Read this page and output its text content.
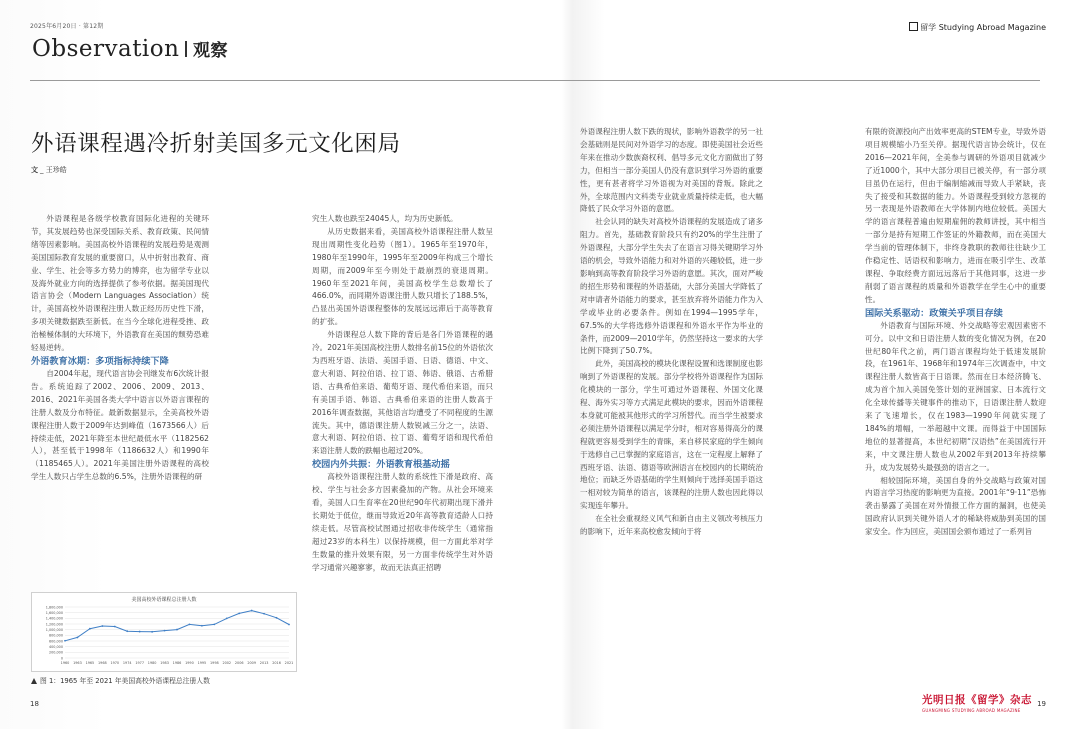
2025年6月20日 · 第12期	留学 Studying Abroad Magazine
Observation 观察
外语课程遇冷折射美国多元文化困局
文 _ 王珍皓

外语课程是各级学校教育国际化进程的关键环节，其发展趋势也深受国际关系、教育政策、民间情绪等因素影响。美国高校外语课程的发展趋势是观测美国国际教育发展的重要窗口，从中折射出教育、商业、学生、社会等多方势力的博弈，也为留学专业以及海外就业方向的选择提供了参考依据。据美国现代语言协会（Modern Languages Association）统计，美国高校外语课程注册人数正经历历史性下滑，多项关键数据跌至新低。在当今全球化进程受挫、政治極極体制的大环境下，外语教育在美国的颓势恐难轻易逆转。

外语教育冰期：多项指标持续下降

自2004年起，现代语言协会刊继发布6次统计报告。系统追踪了2002、2006、2009、2013、2016、2021年美国各类大学中语言以外语言课程的注册人数及分布特征。最新数据显示，全美高校外语课程注册人数于2009年达到峰值（1673566人）后持续走低，2021年降至本世纪最低水平（1182562人），甚至低于1998年（1186632人）和1990年（1185465人）。2021年美国注册外语课程的高校学生人数只占学生总数的6.5%，注册外语课程的研

究生人数也跌至24045人，均为历史新低。

从历史数据来看，美国高校外语课程注册人数呈现出周期性变化趋势（图1）。1965年至1970年，1980年至1990年，1995年至2009年构成三个增长周期，而2009年至今则处于最崩烈的衰退周期。1960年至2021年间，美国高校学生总数增长了466.0%，而同期外语课注册人数只增长了188.5%，凸显出美国外语课程整体的发展远远滞后于高等教育的扩张。

外语课程总人数下降的背后是各门外语课程的遇冷。2021年美国高校注册人数排名前15位的外语依次为西班牙语、法语、美国手语、日语、德语、中文、意大利语、阿拉伯语、拉丁语、韩语、俄语、古希腊语、古典希伯来语、葡萄牙语、现代希伯来语，而只有美国手语、韩语、古典希伯来语的注册人数高于2016年调查数据，其他语言均遭受了不同程度的生源流失。其中，德语课注册人数锐减三分之一，法语、意大利语、阿拉伯语、拉丁语、葡萄牙语和现代希伯来语注册人数的跌幅也超过20%。

校园内外共振：外语教育根基动摇

高校外语课程注册人数的系统性下滑是政府、高校、学生与社会多方因素叠加的产物。从社会环境来看，美国人口生育率在20世纪90年代初期出现下滑并长期处于低位，继而导致近20年高等教育适龄人口持续走低。尽管高校试图通过招收非传统学生（通常指超过23岁的本科生）以保持规模，但一方面此举对学生数量的推升效果有限，另一方面非传统学生对外语学习通常兴趣寥寥，故而无法真正招聘

外语课程注册人数下跌的现状，影响外语教学的另一社会基础则是民间对外语学习的态度。即使美国社会近些年来在推动少数族裔权利、倡导多元文化方面做出了努力，但相当一部分美国人仍没有意识到学习外语的重要性，更有甚者将学习外语视为对美国的背叛。除此之外，全球范围内文科类专业就业质量持续走低，也大幅降低了民众学习外语的意愿。

社会认同的缺失对高校外语课程的发展造成了诸多阻力。首先，基础教育阶段只有约20%的学生注册了外语课程，大部分学生失去了在语言习得关键期学习外语的机会，导致外语能力和对外语的兴趣较低，进一步影响到高等教育阶段学习外语的意愿。其次，面对严峻的招生形势和课程的外语基础，大部分美国大学降低了对申请者外语能力的要求，甚至放弃将外语能力作为入学或毕业的必要条件。例如在1994—1995学年，67.5%的大学将选修外语课程和外语水平作为毕业的条件，而2009—2010学年，仍然坚持这一要求的大学比例下降到了50.7%。

此外，美国高校的模块化课程设置和选课制度也影响到了外语课程的发展。部分学校将外语课程作为国际化模块的一部分，学生可通过外语课程、外国文化课程、海外实习等方式满足此模块的要求，因而外语课程本身就可能被其他形式的学习所替代。而当学生被要求必须注册外语课程以满足学分时，相对容易得高分的课程就更容易受到学生的青睐，来自移民家庭的学生倾向于选修自己已掌握的家庭语言，这在一定程度上解释了西班牙语、法语、德语等欧洲语言在校园内的长期统治地位；而缺乏外语基础的学生则倾向于选择美国手语这一相对较为简单的语言，该课程的注册人数也因此得以实现连年攀升。

在全社会重视经义风气和新自由主义领改考核压力的影响下，近年来高校愈发倾向于将

有限的资源投向产出效率更高的STEM专业，导致外语项目规模缩小乃至关停。据现代语言协会统计，仅在2016—2021年间，全美参与调研的外语项目就减少了近1000个，其中大部分项目已被关停，有一部分项目虽仍在运行，但由于编制缩减而导致人手紧缺，丧失了接受和其数据的能力。外语课程受到较方忽视的另一表现是外语教师在大学体制内地位较低。美国大学的语言课程普遍由短期雇佣的教师讲授，其中相当一部分是持有短期工作签证的外籍教师，而在美国大学当前的管理体制下，非终身教职的教师往往缺少工作稳定性、话语权和影响力，进而在吸引学生、改革课程、争取经费方面远远落后于其他同事，这进一步削弱了语言课程的质量和外语教学在学生心中的重要性。

国际关系驱动：政策关乎项目存续

外语教育与国际环境、外交战略等宏观因素密不可分。以中文和日语注册人数的变化情况为例，在20世纪80年代之前，两门语言课程均处于低速发展阶段，在1961年、1968年和1974年三次调查中，中文课程注册人数皆高于日语课。然而在日本经济腾飞、成为首个加入美国免签计划的亚洲国家、日本流行文化全球传播等关键事件的推动下，日语课注册人数迎来了飞速增长，仅在1983—1990年间就实现了184%的增幅，一举超越中文课。而得益于中国国际地位的显著提高，本世纪初期“汉语热”在美国流行开来，中文课注册人数也从2002年到2013年持续攀升，成为发展势头最强劲的语言之一。

相较国际环境，美国自身的外交战略与政策对国内语言学习热度的影响更为直接。2001年“9·11”恐怖袭击暴露了美国在对外情报工作方面的漏洞，也使美国政府认识到关键外语人才的稀缺将威胁到美国的国家安全。作为回应，美国国会颁布通过了一系列旨

美国高校外语课程总注册人数
0
200,000
400,000
600,000
800,000
1,000,000
1,200,000
1,400,000
1,600,000
1,800,000
1960 1963 1965 1968 1970 1974 1977 1980 1983 1986 1990 1995 1998 2002 2006 2009 2013 2016 2021
图 1：1965 年至 2021 年美国高校外语课程总注册人数
18	19
光明日报《留学》杂志
GUANGMING STUDYING ABROAD MAGAZINE
